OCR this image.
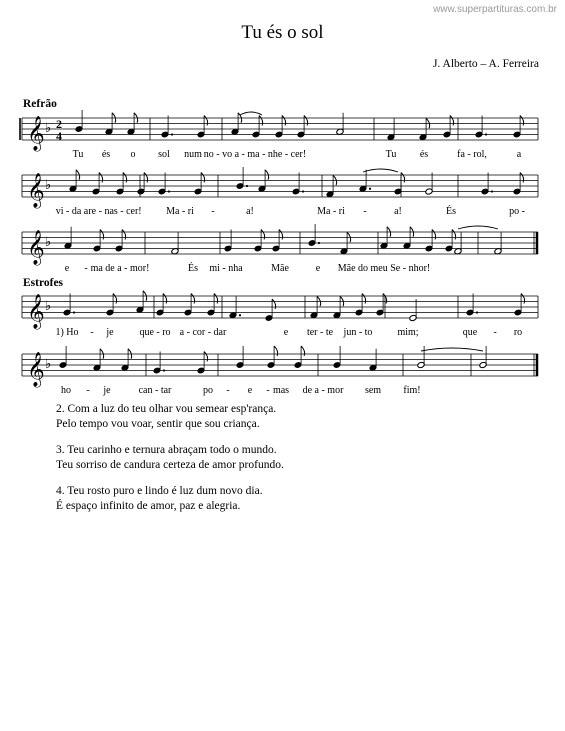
www.superpartituras.com.br
Tu és o sol
J. Alberto – A. Ferreira
Refrão
Estrofes
𝄞 ♭ 2
4
𝄞 ♭
𝄞 ♭
𝄞 ♭
𝄞 ♭
Tu és o sol num no - vo a - ma - nhe - cer!	Tu és	fa - rol,	a
vi - da a re - nas - cer! Ma - ri -	a!	Ma - ri -	a!	És	po -
e - ma de a - mor!	És mi - nha	Mãe	e Mãe do meu Se - nhor!
1) Ho - je	que - ro a - cor - dar	e ter - te jun - to mim;	que - ro
ho - je	can - tar	po - e - mas de a - mor sem fim!
2. Com a luz do teu olhar vou semear esp'rança.
Pelo tempo vou voar, sentir que sou criança.
3. Teu carinho e ternura abraçam todo o mundo.
Teu sorriso de candura certeza de amor profundo.
4. Teu rosto puro e lindo é luz dum novo dia.
É espaço infinito de amor, paz e alegria.
